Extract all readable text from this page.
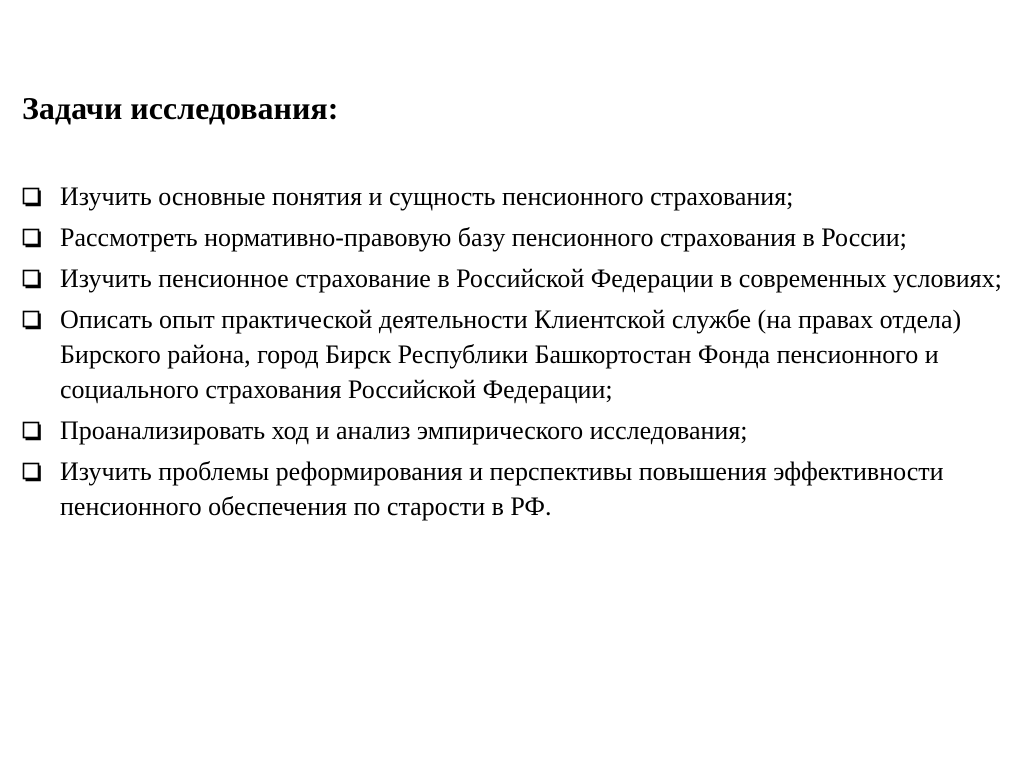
Задачи исследования:
Изучить основные понятия и сущность пенсионного страхования;
Рассмотреть нормативно-правовую базу пенсионного страхования в России;
Изучить пенсионное страхование в Российской Федерации в современных условиях;
Описать опыт практической деятельности Клиентской службе (на правах отдела) Бирского района, город Бирск Республики Башкортостан Фонда пенсионного и социального страхования Российской Федерации;
Проанализировать ход и анализ эмпирического исследования;
Изучить проблемы реформирования и перспективы повышения эффективности пенсионного обеспечения по старости в РФ.
